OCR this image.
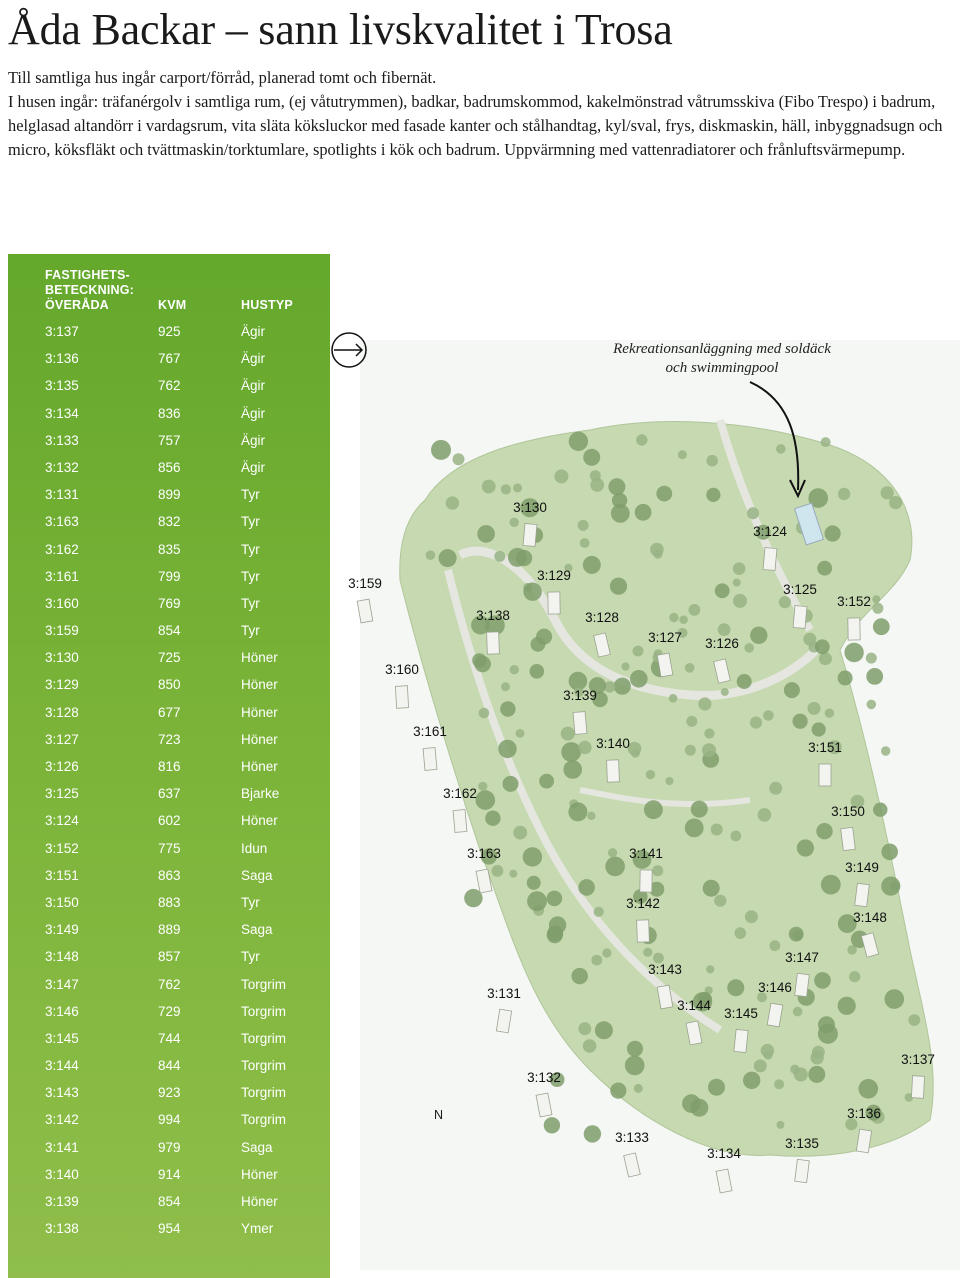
Åda Backar – sann livskvalitet i Trosa

Till samtliga hus ingår carport/förråd, planerad tomt och fibernät.

I husen ingår: träfanérgolv i samtliga rum, (ej våtutrymmen), badkar, badrumskommod, kakelmönstrad våtrumsskiva (Fibo Trespo) i badrum, helglasad altandörr i vardagsrum, vita släta köksluckor med fasade kanter och stålhandtag, kyl/sval, frys, diskmaskin, häll, inbyggnadsugn och micro, köksfläkt och tvättmaskin/torktumlare, spotlights i kök och badrum. Uppvärmning med vattenradiatorer och frånluftsvärmepump.

FASTIGHETS- BETECKNING: ÖVERÅDA	KVM	HUSTYP
3:137	925	Ägir
3:136	767	Ägir
3:135	762	Ägir
3:134	836	Ägir
3:133	757	Ägir
3:132	856	Ägir
3:131	899	Tyr
3:163	832	Tyr
3:162	835	Tyr
3:161	799	Tyr
3:160	769	Tyr
3:159	854	Tyr
3:130	725	Höner
3:129	850	Höner
3:128	677	Höner
3:127	723	Höner
3:126	816	Höner
3:125	637	Bjarke
3:124	602	Höner
3:152	775	Idun
3:151	863	Saga
3:150	883	Tyr
3:149	889	Saga
3:148	857	Tyr
3:147	762	Torgrim
3:146	729	Torgrim
3:145	744	Torgrim
3:144	844	Torgrim
3:143	923	Torgrim
3:142	994	Torgrim
3:141	979	Saga
3:140	914	Höner
3:139	854	Höner
3:138	954	Ymer
Rekreationsanläggning med soldäck och swimmingpool
3:130
3:124
3:129
3:159	3:125
3:152
3:138	3:128
3:127 3:126
3:160
3:139
3:161
3:140	3:151
3:162
3:150
3:163	3:141
3:149
3:142
3:148
3:147
3:143
3:146
3:131
3:144
3:145
3:137
3:132
3:136
3:133	3:135
3:134
N
